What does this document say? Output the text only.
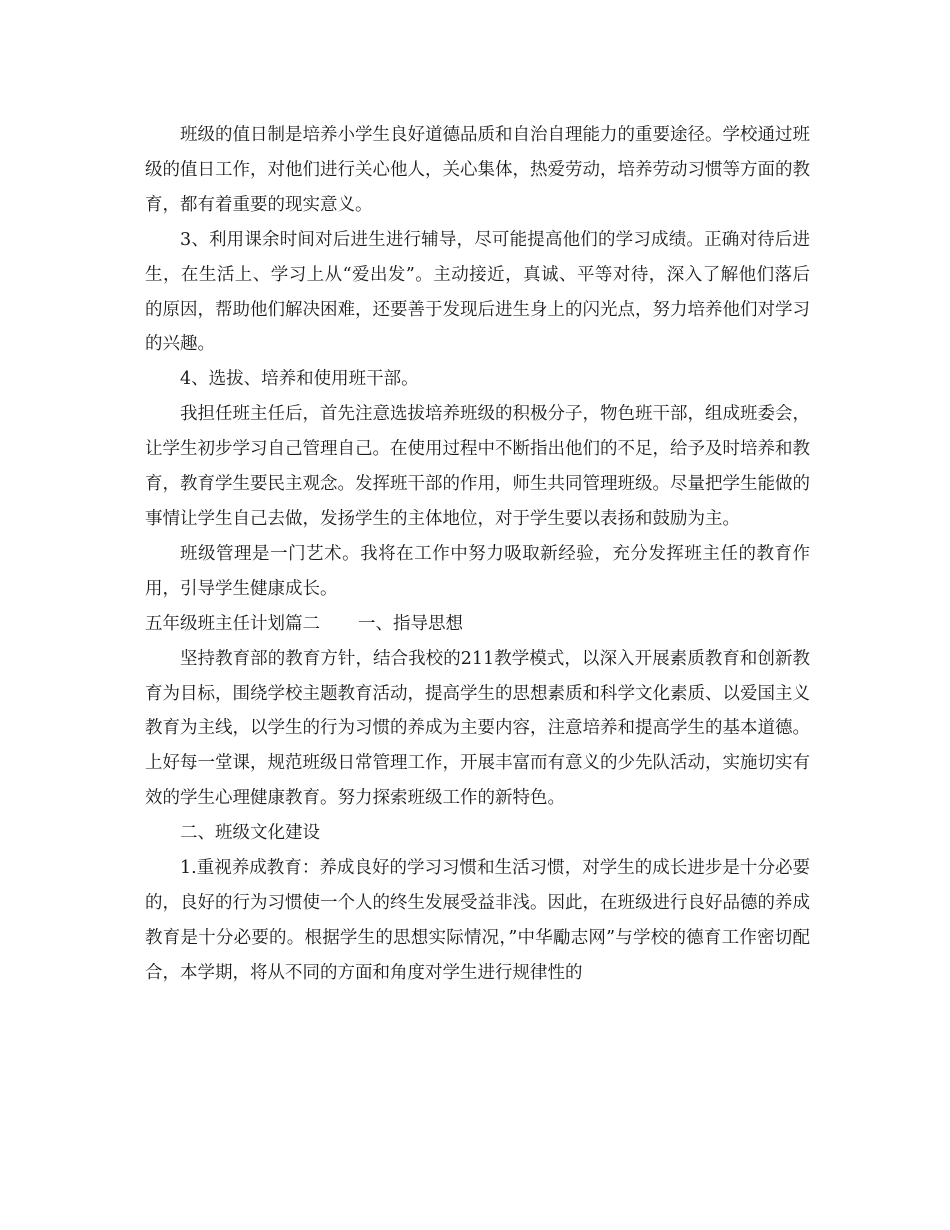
班级的值日制是培养小学生良好道德品质和自治自理能力的重要途径。学校通过班级的值日工作，对他们进行关心他人，关心集体，热爱劳动，培养劳动习惯等方面的教育，都有着重要的现实意义。

3、利用课余时间对后进生进行辅导，尽可能提高他们的学习成绩。正确对待后进生，在生活上、学习上从“爱出发”。主动接近，真诚、平等对待，深入了解他们落后的原因，帮助他们解决困难，还要善于发现后进生身上的闪光点，努力培养他们对学习的兴趣。

4、选拔、培养和使用班干部。

我担任班主任后，首先注意选拔培养班级的积极分子，物色班干部，组成班委会，让学生初步学习自己管理自己。在使用过程中不断指出他们的不足，给予及时培养和教育，教育学生要民主观念。发挥班干部的作用，师生共同管理班级。尽量把学生能做的事情让学生自己去做，发扬学生的主体地位，对于学生要以表扬和鼓励为主。

班级管理是一门艺术。我将在工作中努力吸取新经验，充分发挥班主任的教育作用，引导学生健康成长。

五年级班主任计划篇二 一、指导思想

坚持教育部的教育方针，结合我校的211教学模式，以深入开展素质教育和创新教育为目标，围绕学校主题教育活动，提高学生的思想素质和科学文化素质、以爱国主义教育为主线，以学生的行为习惯的养成为主要内容，注意培养和提高学生的基本道德。上好每一堂课，规范班级日常管理工作，开展丰富而有意义的少先队活动，实施切实有效的学生心理健康教育。努力探索班级工作的新特色。

二、班级文化建设

1.重视养成教育：养成良好的学习习惯和生活习惯，对学生的成长进步是十分必要的，良好的行为习惯使一个人的终生发展受益非浅。因此，在班级进行良好品德的养成教育是十分必要的。根据学生的思想实际情况，”中华勵志网”与学校的德育工作密切配合，本学期，将从不同的方面和角度对学生进行规律性的
